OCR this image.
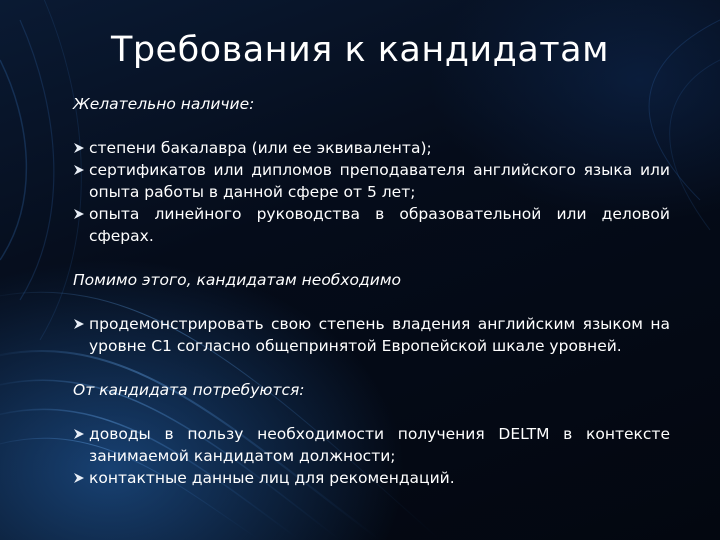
Требования к кандидатам

Желательно наличие:

степени бакалавра (или ее эквивалента);

сертификатов или дипломов преподавателя английского языка или опыта работы в данной сфере от 5 лет;

опыта линейного руководства в образовательной или деловой сферах.

Помимо этого, кандидатам необходимо

продемонстрировать свою степень владения английским языком на уровне С1 согласно общепринятой Европейской шкале уровней.

От кандидата потребуются:

доводы в пользу необходимости получения DELTM в контексте занимаемой кандидатом должности;

контактные данные лиц для рекомендаций.
